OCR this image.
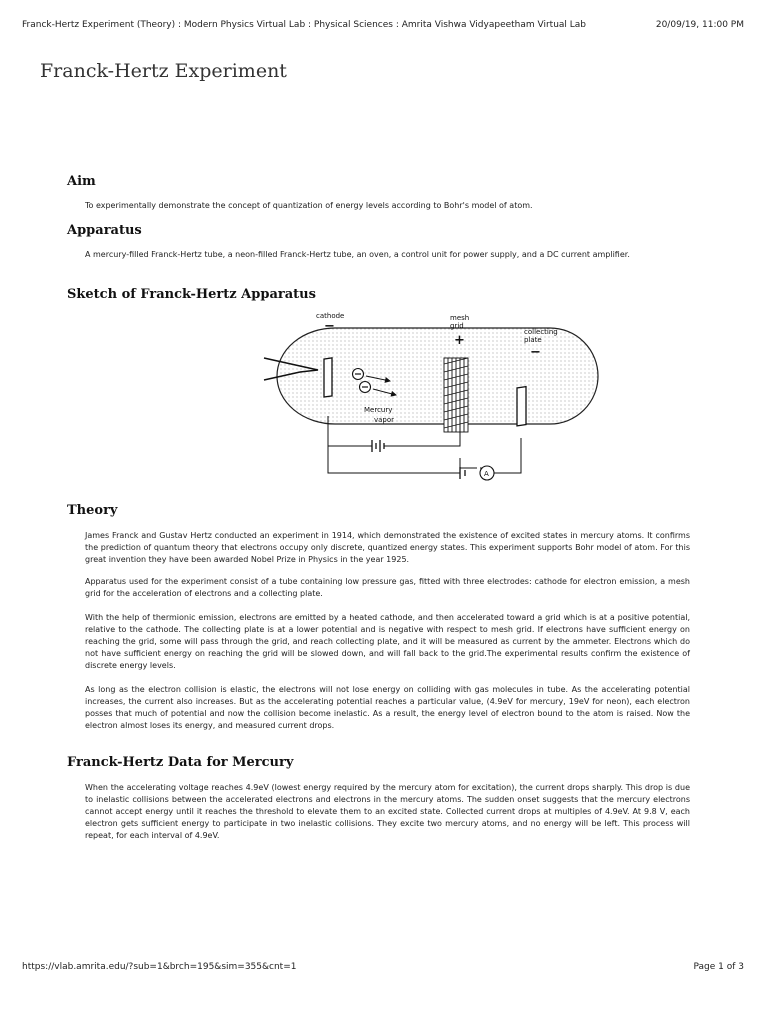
Franck-Hertz Experiment (Theory) : Modern Physics Virtual Lab : Physical Sciences : Amrita Vishwa Vidyapeetham Virtual Lab	20/09/19, 11:00 PM
Franck-Hertz Experiment
Aim

To experimentally demonstrate the concept of quantization of energy levels according to Bohr's model of atom.

Apparatus

A mercury-filled Franck-Hertz tube, a neon-filled Franck-Hertz tube, an oven, a control unit for power supply, and a DC current amplifier.

Sketch of Franck-Hertz Apparatus
A
cathode
−
mesh
grid
+
collecting
plate
−
Mercury
vapor
Theory

James Franck and Gustav Hertz conducted an experiment in 1914, which demonstrated the existence of excited states in mercury atoms. It confirms the prediction of quantum theory that electrons occupy only discrete, quantized energy states. This experiment supports Bohr model of atom. For this great invention they have been awarded Nobel Prize in Physics in the year 1925.

Apparatus used for the experiment consist of a tube containing low pressure gas, fitted with three electrodes: cathode for electron emission, a mesh grid for the acceleration of electrons and a collecting plate.

With the help of thermionic emission, electrons are emitted by a heated cathode, and then accelerated toward a grid which is at a positive potential, relative to the cathode. The collecting plate is at a lower potential and is negative with respect to mesh grid. If electrons have sufficient energy on reaching the grid, some will pass through the grid, and reach collecting plate, and it will be measured as current by the ammeter. Electrons which do not have sufficient energy on reaching the grid will be slowed down, and will fall back to the grid.The experimental results confirm the existence of discrete energy levels.

As long as the electron collision is elastic, the electrons will not lose energy on colliding with gas molecules in tube. As the accelerating potential increases, the current also increases. But as the accelerating potential reaches a particular value, (4.9eV for mercury, 19eV for neon), each electron posses that much of potential and now the collision become inelastic. As a result, the energy level of electron bound to the atom is raised. Now the electron almost loses its energy, and measured current drops.

Franck-Hertz Data for Mercury

When the accelerating voltage reaches 4.9eV (lowest energy required by the mercury atom for excitation), the current drops sharply. This drop is due to inelastic collisions between the accelerated electrons and electrons in the mercury atoms. The sudden onset suggests that the mercury electrons cannot accept energy until it reaches the threshold to elevate them to an excited state. Collected current drops at multiples of 4.9eV. At 9.8 V, each electron gets sufficient energy to participate in two inelastic collisions. They excite two mercury atoms, and no energy will be left. This process will repeat, for each interval of 4.9eV.

https://vlab.amrita.edu/?sub=1&brch=195&sim=355&cnt=1	Page 1 of 3
